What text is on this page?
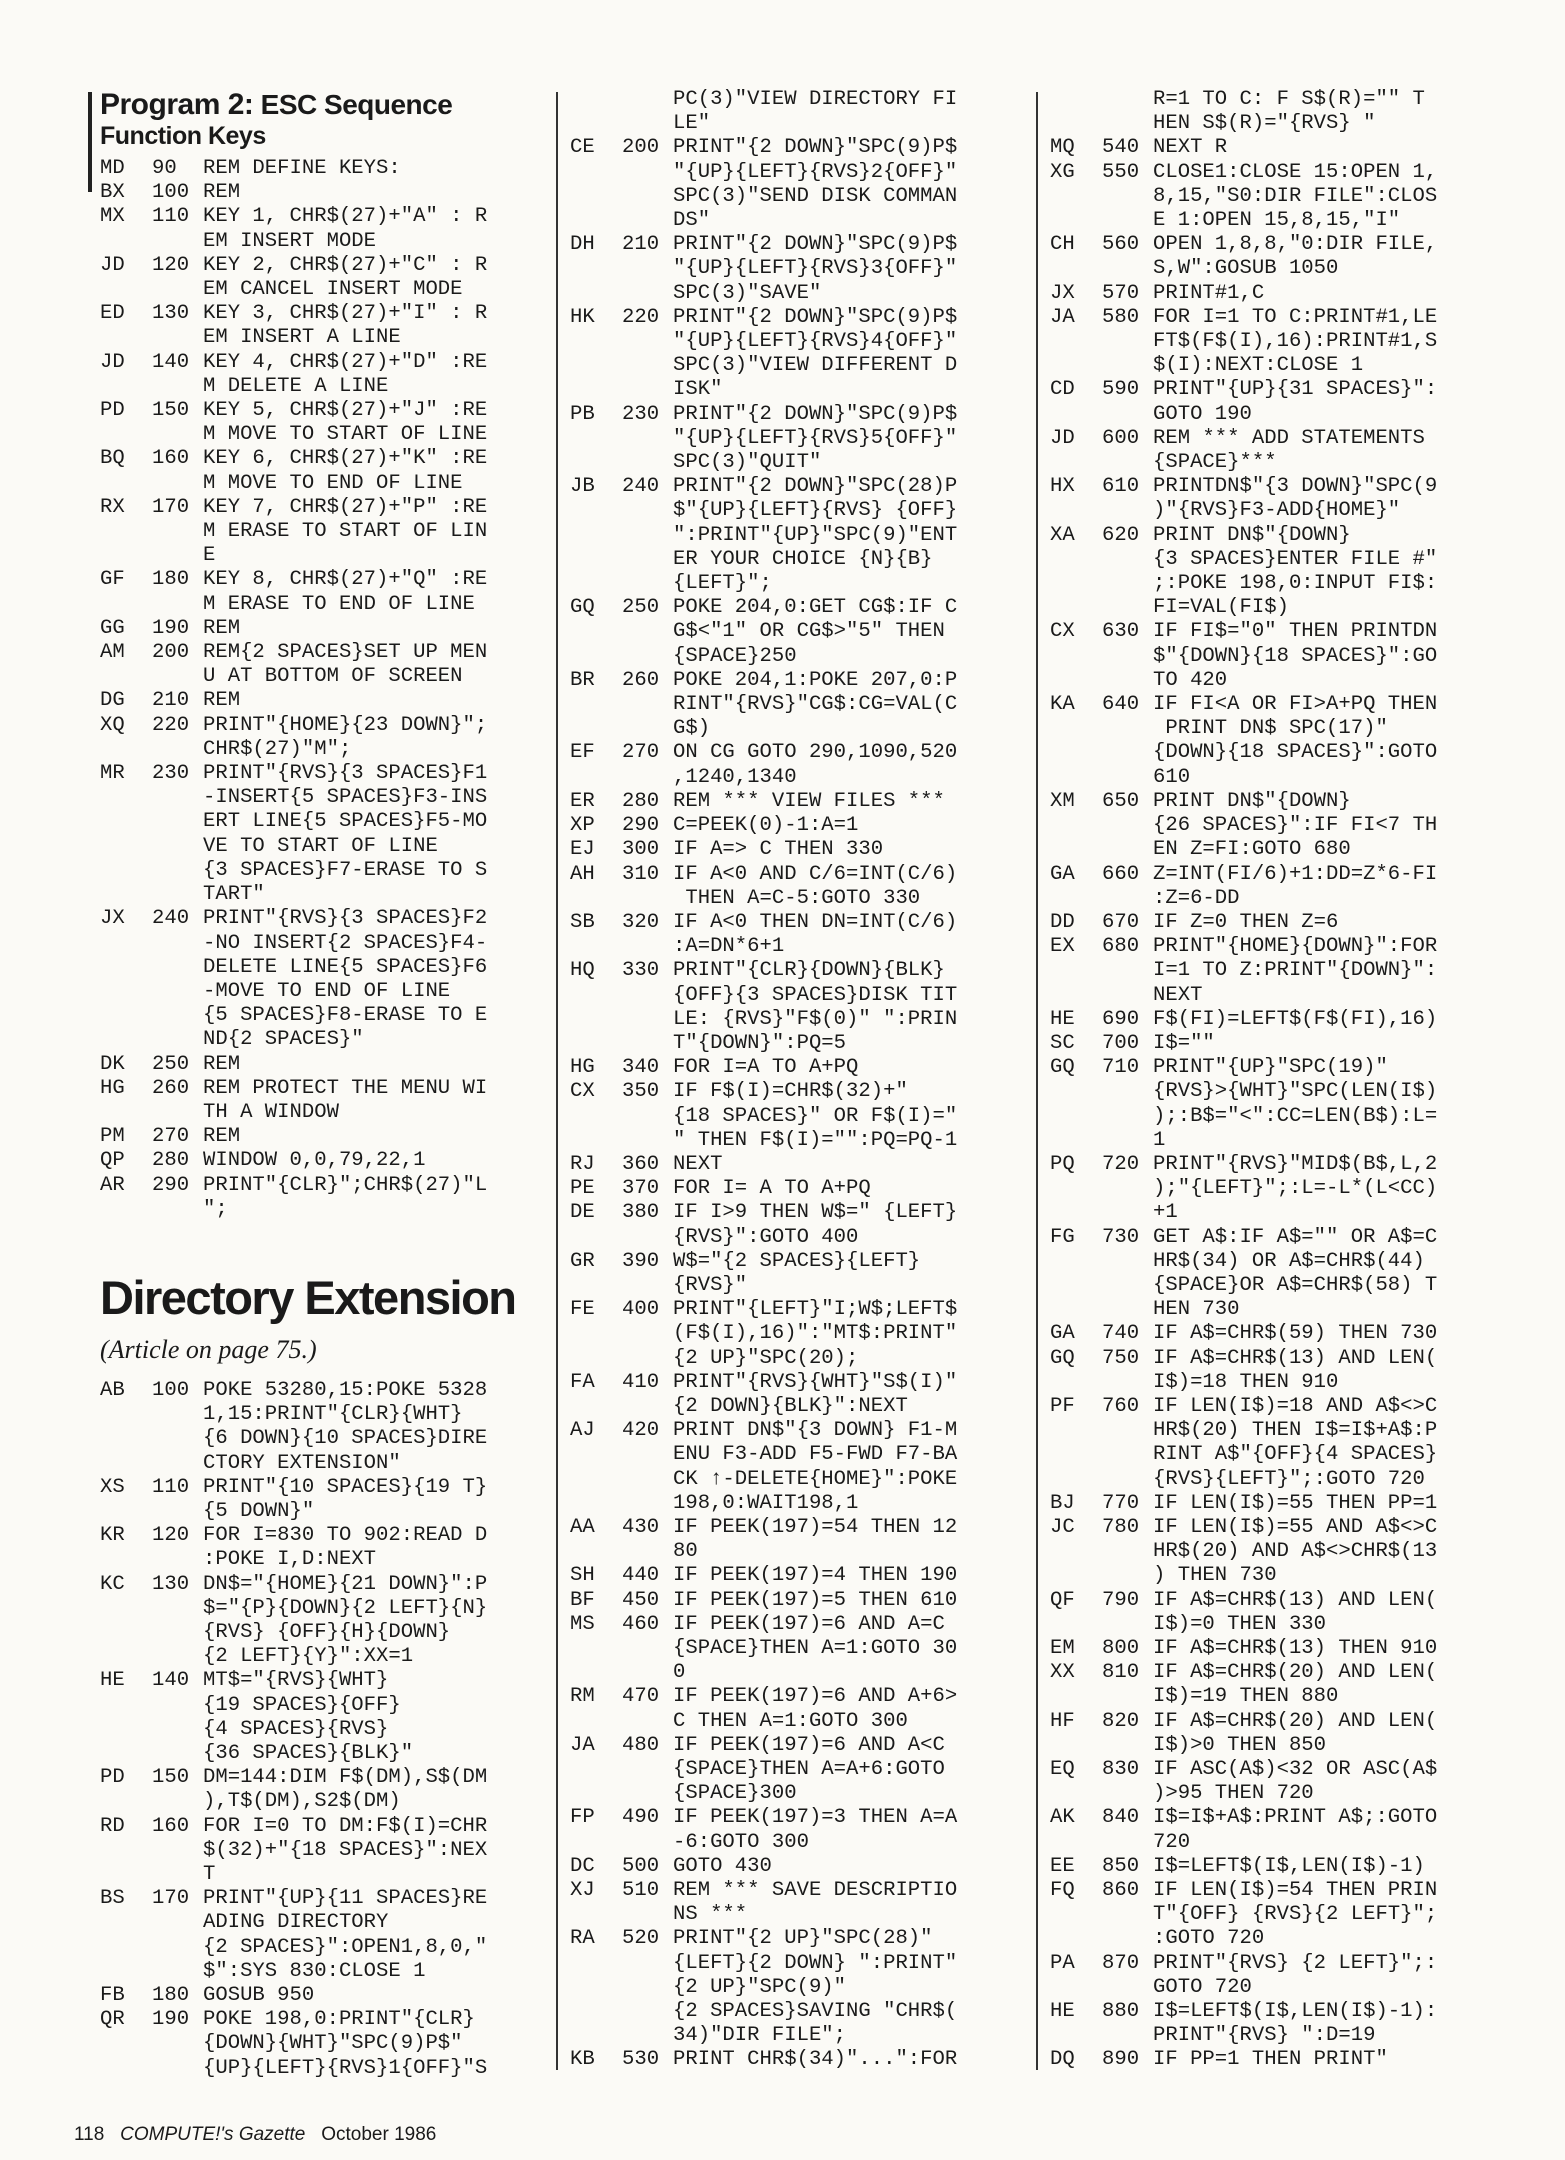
Program 2: ESC Sequence
Function Keys
MD	90	REM DEFINE KEYS:
BX	100 REM
MX	110 KEY 1, CHR$(27)+"A" : R
EM INSERT MODE
JD	120 KEY 2, CHR$(27)+"C" : R
EM CANCEL INSERT MODE
ED	130 KEY 3, CHR$(27)+"I" : R
EM INSERT A LINE
JD	140 KEY 4, CHR$(27)+"D" :RE
M DELETE A LINE
PD	150 KEY 5, CHR$(27)+"J" :RE
M MOVE TO START OF LINE
BQ	160 KEY 6, CHR$(27)+"K" :RE
M MOVE TO END OF LINE
RX	170 KEY 7, CHR$(27)+"P" :RE
M ERASE TO START OF LIN
E
GF	180 KEY 8, CHR$(27)+"Q" :RE
M ERASE TO END OF LINE
GG	190 REM
AM	200 REM{2 SPACES}SET UP MEN
U AT BOTTOM OF SCREEN
DG	210 REM
XQ	220 PRINT"{HOME}{23 DOWN}";
CHR$(27)"M";
MR	230 PRINT"{RVS}{3 SPACES}F1
-INSERT{5 SPACES}F3-INS
ERT LINE{5 SPACES}F5-MO
VE TO START OF LINE
{3 SPACES}F7-ERASE TO S
TART"
JX	240 PRINT"{RVS}{3 SPACES}F2
-NO INSERT{2 SPACES}F4-
DELETE LINE{5 SPACES}F6
-MOVE TO END OF LINE
{5 SPACES}F8-ERASE TO E
ND{2 SPACES}"
DK	250 REM
HG	260 REM PROTECT THE MENU WI
TH A WINDOW
PM	270 REM
QP	280 WINDOW 0,0,79,22,1
AR	290 PRINT"{CLR}";CHR$(27)"L
";
Directory Extension
(Article on page 75.)
AB	100 POKE 53280,15:POKE 5328
1,15:PRINT"{CLR}{WHT}
{6 DOWN}{10 SPACES}DIRE
CTORY EXTENSION"
XS	110 PRINT"{10 SPACES}{19 T}
{5 DOWN}"
KR	120 FOR I=830 TO 902:READ D
:POKE I,D:NEXT
KC	130 DN$="{HOME}{21 DOWN}":P
$="{P}{DOWN}{2 LEFT}{N}
{RVS} {OFF}{H}{DOWN}
{2 LEFT}{Y}":XX=1
HE	140 MT$="{RVS}{WHT}
{19 SPACES}{OFF}
{4 SPACES}{RVS}
{36 SPACES}{BLK}"
PD	150 DM=144:DIM F$(DM),S$(DM
),T$(DM),S2$(DM)
RD	160 FOR I=0 TO DM:F$(I)=CHR
$(32)+"{18 SPACES}":NEX
T
BS	170 PRINT"{UP}{11 SPACES}RE
ADING DIRECTORY
{2 SPACES}":OPEN1,8,0,"
$":SYS 830:CLOSE 1
FB	180 GOSUB 950
QR	190 POKE 198,0:PRINT"{CLR}
{DOWN}{WHT}"SPC(9)P$"
{UP}{LEFT}{RVS}1{OFF}"S
PC(3)"VIEW DIRECTORY FI
LE"
CE	200 PRINT"{2 DOWN}"SPC(9)P$
"{UP}{LEFT}{RVS}2{OFF}"
SPC(3)"SEND DISK COMMAN
DS"
DH	210 PRINT"{2 DOWN}"SPC(9)P$
"{UP}{LEFT}{RVS}3{OFF}"
SPC(3)"SAVE"
HK	220 PRINT"{2 DOWN}"SPC(9)P$
"{UP}{LEFT}{RVS}4{OFF}"
SPC(3)"VIEW DIFFERENT D
ISK"
PB	230 PRINT"{2 DOWN}"SPC(9)P$
"{UP}{LEFT}{RVS}5{OFF}"
SPC(3)"QUIT"
JB	240 PRINT"{2 DOWN}"SPC(28)P
$"{UP}{LEFT}{RVS} {OFF}
":PRINT"{UP}"SPC(9)"ENT
ER YOUR CHOICE {N}{B}
{LEFT}";
GQ	250 POKE 204,0:GET CG$:IF C
G$<"1" OR CG$>"5" THEN
{SPACE}250
BR	260 POKE 204,1:POKE 207,0:P
RINT"{RVS}"CG$:CG=VAL(C
G$)
EF	270 ON CG GOTO 290,1090,520
,1240,1340
ER	280 REM *** VIEW FILES ***
XP	290 C=PEEK(0)-1:A=1
EJ	300 IF A=> C THEN 330
AH	310 IF A<0 AND C/6=INT(C/6)
THEN A=C-5:GOTO 330
SB	320 IF A<0 THEN DN=INT(C/6)
:A=DN*6+1
HQ	330 PRINT"{CLR}{DOWN}{BLK}
{OFF}{3 SPACES}DISK TIT
LE: {RVS}"F$(0)" ":PRIN
T"{DOWN}":PQ=5
HG	340 FOR I=A TO A+PQ
CX	350 IF F$(I)=CHR$(32)+"
{18 SPACES}" OR F$(I)="
" THEN F$(I)="":PQ=PQ-1
RJ	360 NEXT
PE	370 FOR I= A TO A+PQ
DE	380 IF I>9 THEN W$=" {LEFT}
{RVS}":GOTO 400
GR	390 W$="{2 SPACES}{LEFT}
{RVS}"
FE	400 PRINT"{LEFT}"I;W$;LEFT$
(F$(I),16)":"MT$:PRINT"
{2 UP}"SPC(20);
FA	410 PRINT"{RVS}{WHT}"S$(I)"
{2 DOWN}{BLK}":NEXT
AJ	420 PRINT DN$"{3 DOWN} F1-M
ENU F3-ADD F5-FWD F7-BA
CK ↑-DELETE{HOME}":POKE
198,0:WAIT198,1
AA	430 IF PEEK(197)=54 THEN 12
80
SH	440 IF PEEK(197)=4 THEN 190
BF	450 IF PEEK(197)=5 THEN 610
MS	460 IF PEEK(197)=6 AND A=C
{SPACE}THEN A=1:GOTO 30
0
RM	470 IF PEEK(197)=6 AND A+6>
C THEN A=1:GOTO 300
JA	480 IF PEEK(197)=6 AND A<C
{SPACE}THEN A=A+6:GOTO
{SPACE}300
FP	490 IF PEEK(197)=3 THEN A=A
-6:GOTO 300
DC	500 GOTO 430
XJ	510 REM *** SAVE DESCRIPTIO
NS ***
RA	520 PRINT"{2 UP}"SPC(28)"
{LEFT}{2 DOWN} ":PRINT"
{2 UP}"SPC(9)"
{2 SPACES}SAVING "CHR$(
34)"DIR FILE";
KB	530 PRINT CHR$(34)"...":FOR
R=1 TO C: F S$(R)="" T
HEN S$(R)="{RVS} "
MQ	540 NEXT R
XG	550 CLOSE1:CLOSE 15:OPEN 1,
8,15,"S0:DIR FILE":CLOS
E 1:OPEN 15,8,15,"I"
CH	560 OPEN 1,8,8,"0:DIR FILE,
S,W":GOSUB 1050
JX	570 PRINT#1,C
JA	580 FOR I=1 TO C:PRINT#1,LE
FT$(F$(I),16):PRINT#1,S
$(I):NEXT:CLOSE 1
CD	590 PRINT"{UP}{31 SPACES}":
GOTO 190
JD	600 REM *** ADD STATEMENTS
{SPACE}***
HX	610 PRINTDN$"{3 DOWN}"SPC(9
)"{RVS}F3-ADD{HOME}"
XA	620 PRINT DN$"{DOWN}
{3 SPACES}ENTER FILE #"
;:POKE 198,0:INPUT FI$:
FI=VAL(FI$)
CX	630 IF FI$="0" THEN PRINTDN
$"{DOWN}{18 SPACES}":GO
TO 420
KA	640 IF FI<A OR FI>A+PQ THEN
PRINT DN$ SPC(17)"
{DOWN}{18 SPACES}":GOTO
610
XM	650 PRINT DN$"{DOWN}
{26 SPACES}":IF FI<7 TH
EN Z=FI:GOTO 680
GA	660 Z=INT(FI/6)+1:DD=Z*6-FI
:Z=6-DD
DD	670 IF Z=0 THEN Z=6
EX	680 PRINT"{HOME}{DOWN}":FOR
I=1 TO Z:PRINT"{DOWN}":
NEXT
HE	690 F$(FI)=LEFT$(F$(FI),16)
SC	700 I$=""
GQ	710 PRINT"{UP}"SPC(19)"
{RVS}>{WHT}"SPC(LEN(I$)
);:B$="<":CC=LEN(B$):L=
1
PQ	720 PRINT"{RVS}"MID$(B$,L,2
);"{LEFT}";:L=-L*(L<CC)
+1
FG	730 GET A$:IF A$="" OR A$=C
HR$(34) OR A$=CHR$(44)
{SPACE}OR A$=CHR$(58) T
HEN 730
GA	740 IF A$=CHR$(59) THEN 730
GQ	750 IF A$=CHR$(13) AND LEN(
I$)=18 THEN 910
PF	760 IF LEN(I$)=18 AND A$<>C
HR$(20) THEN I$=I$+A$:P
RINT A$"{OFF}{4 SPACES}
{RVS}{LEFT}";:GOTO 720
BJ	770 IF LEN(I$)=55 THEN PP=1
JC	780 IF LEN(I$)=55 AND A$<>C
HR$(20) AND A$<>CHR$(13
) THEN 730
QF	790 IF A$=CHR$(13) AND LEN(
I$)=0 THEN 330
EM	800 IF A$=CHR$(13) THEN 910
XX	810 IF A$=CHR$(20) AND LEN(
I$)=19 THEN 880
HF	820 IF A$=CHR$(20) AND LEN(
I$)>0 THEN 850
EQ	830 IF ASC(A$)<32 OR ASC(A$
)>95 THEN 720
AK	840 I$=I$+A$:PRINT A$;:GOTO
720
EE	850 I$=LEFT$(I$,LEN(I$)-1)
FQ	860 IF LEN(I$)=54 THEN PRIN
T"{OFF} {RVS}{2 LEFT}";
:GOTO 720
PA	870 PRINT"{RVS} {2 LEFT}";:
GOTO 720
HE	880 I$=LEFT$(I$,LEN(I$)-1):
PRINT"{RVS} ":D=19
DQ	890 IF PP=1 THEN PRINT"
118 COMPUTE!'s Gazette October 1986
